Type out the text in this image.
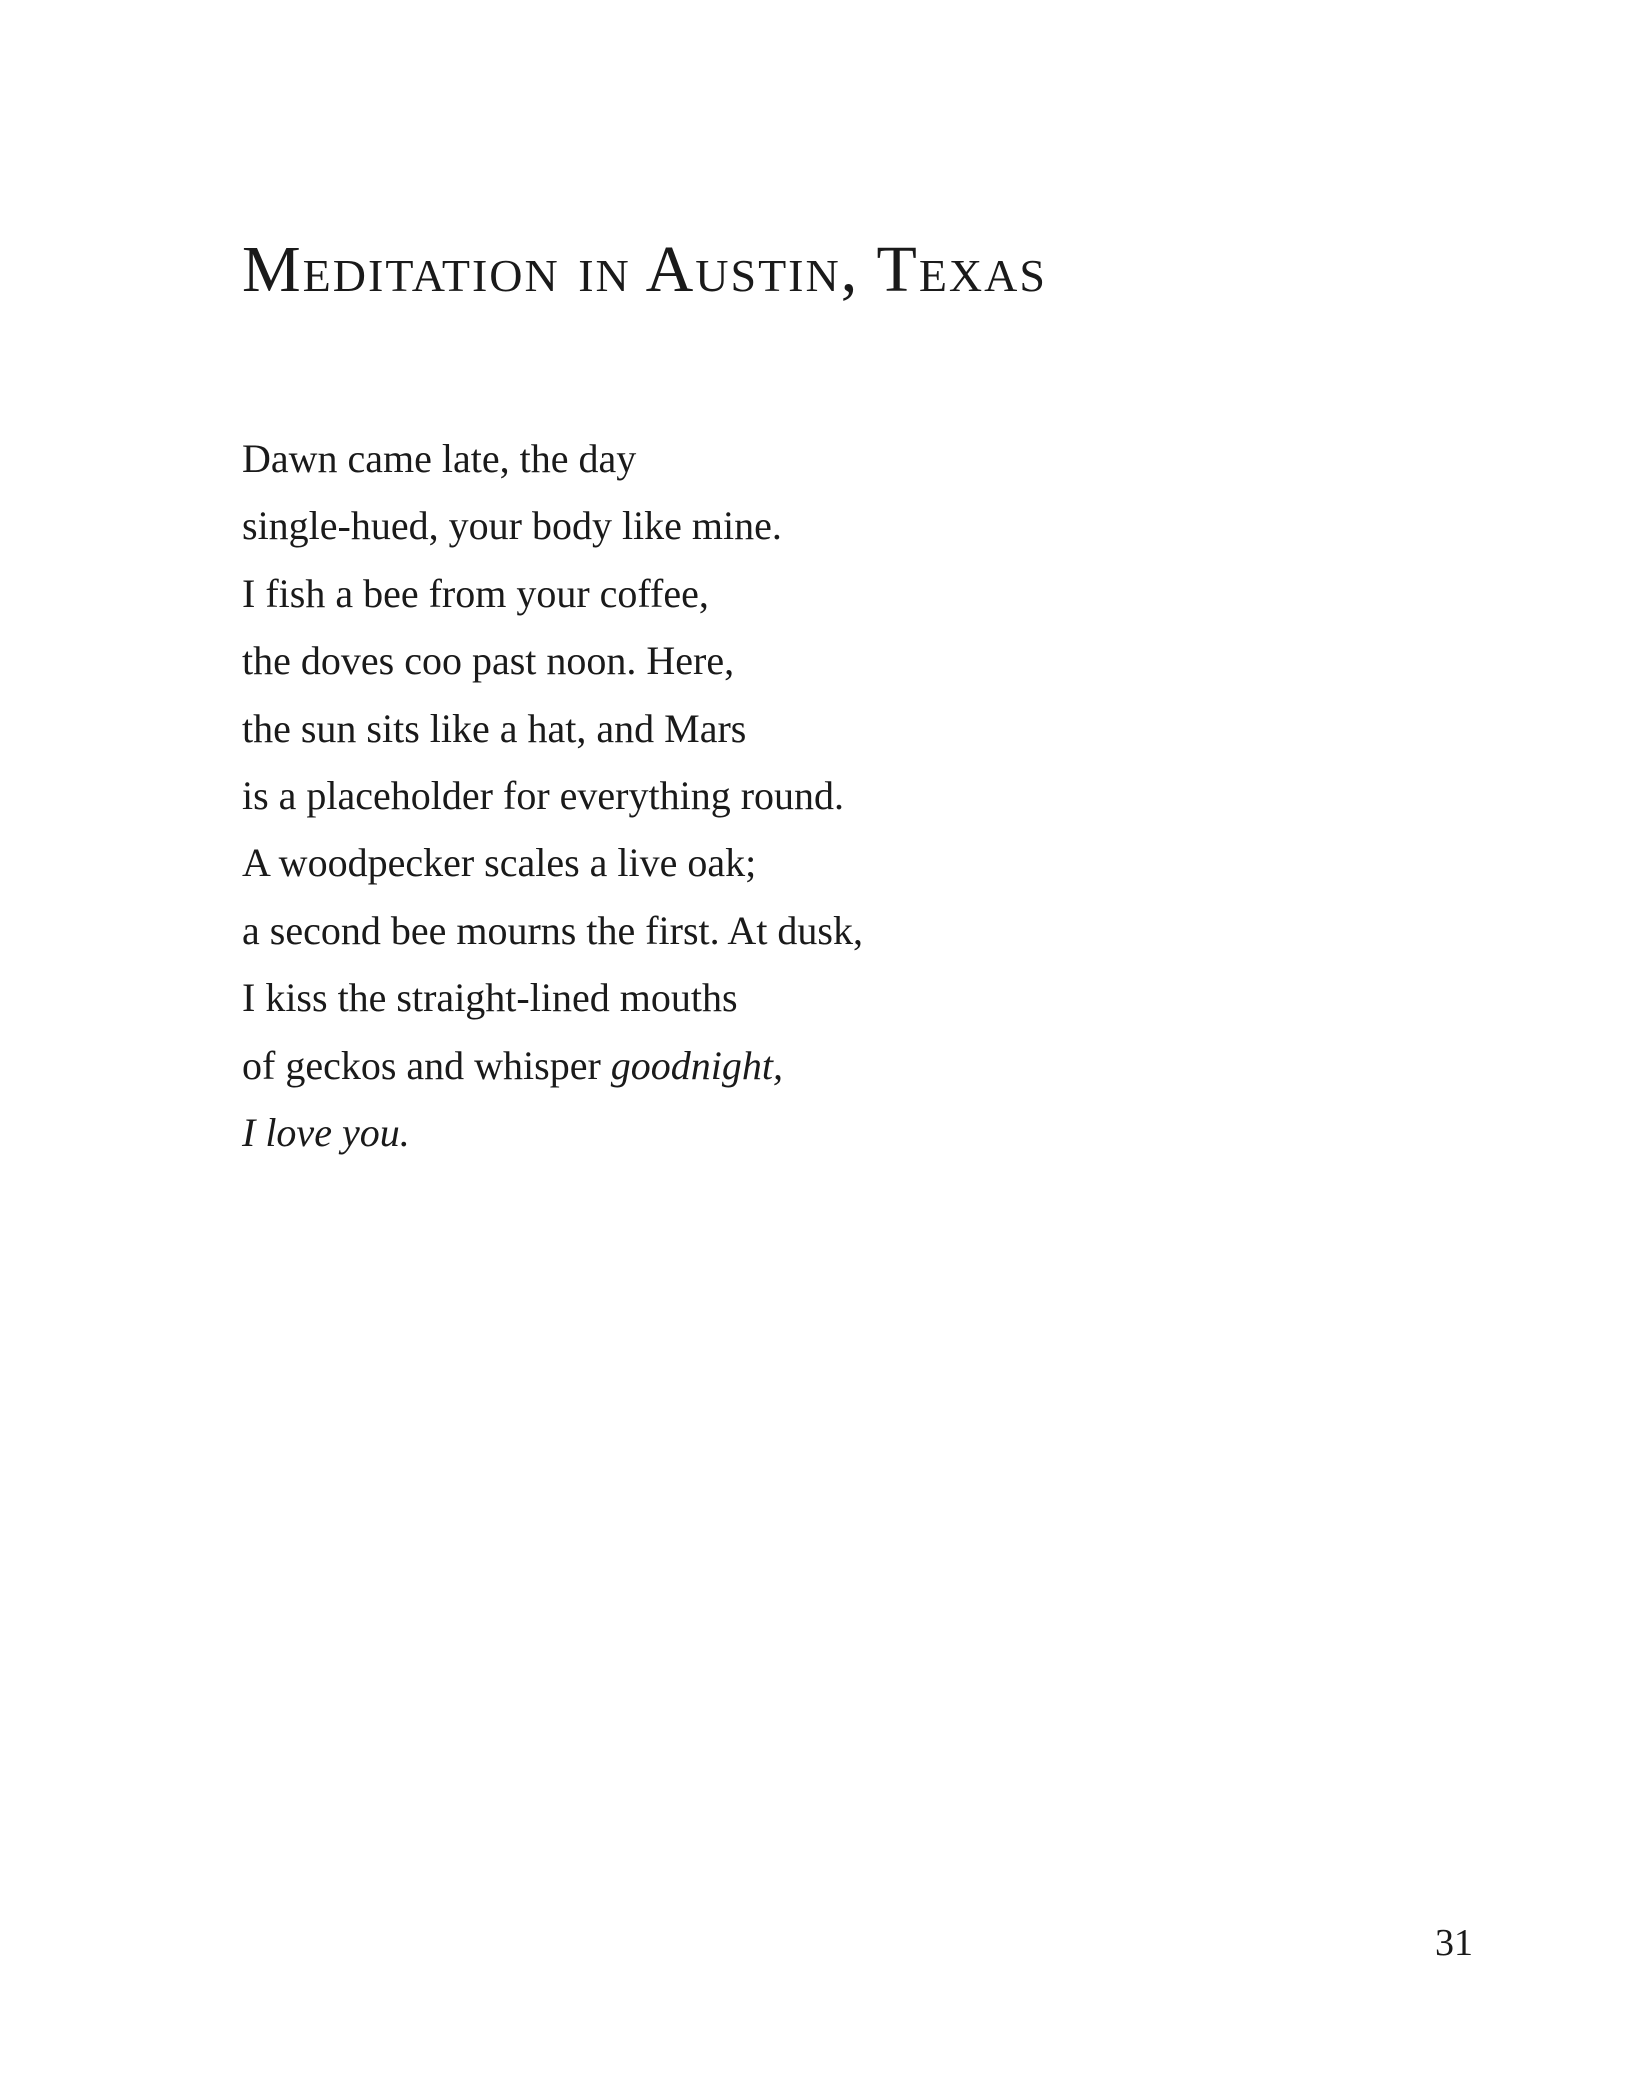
Meditation in Austin, Texas
Dawn came late, the day
single-hued, your body like mine.
I fish a bee from your coffee,
the doves coo past noon. Here,
the sun sits like a hat, and Mars
is a placeholder for everything round.
A woodpecker scales a live oak;
a second bee mourns the first. At dusk,
I kiss the straight-lined mouths
of geckos and whisper goodnight,
I love you.
31
